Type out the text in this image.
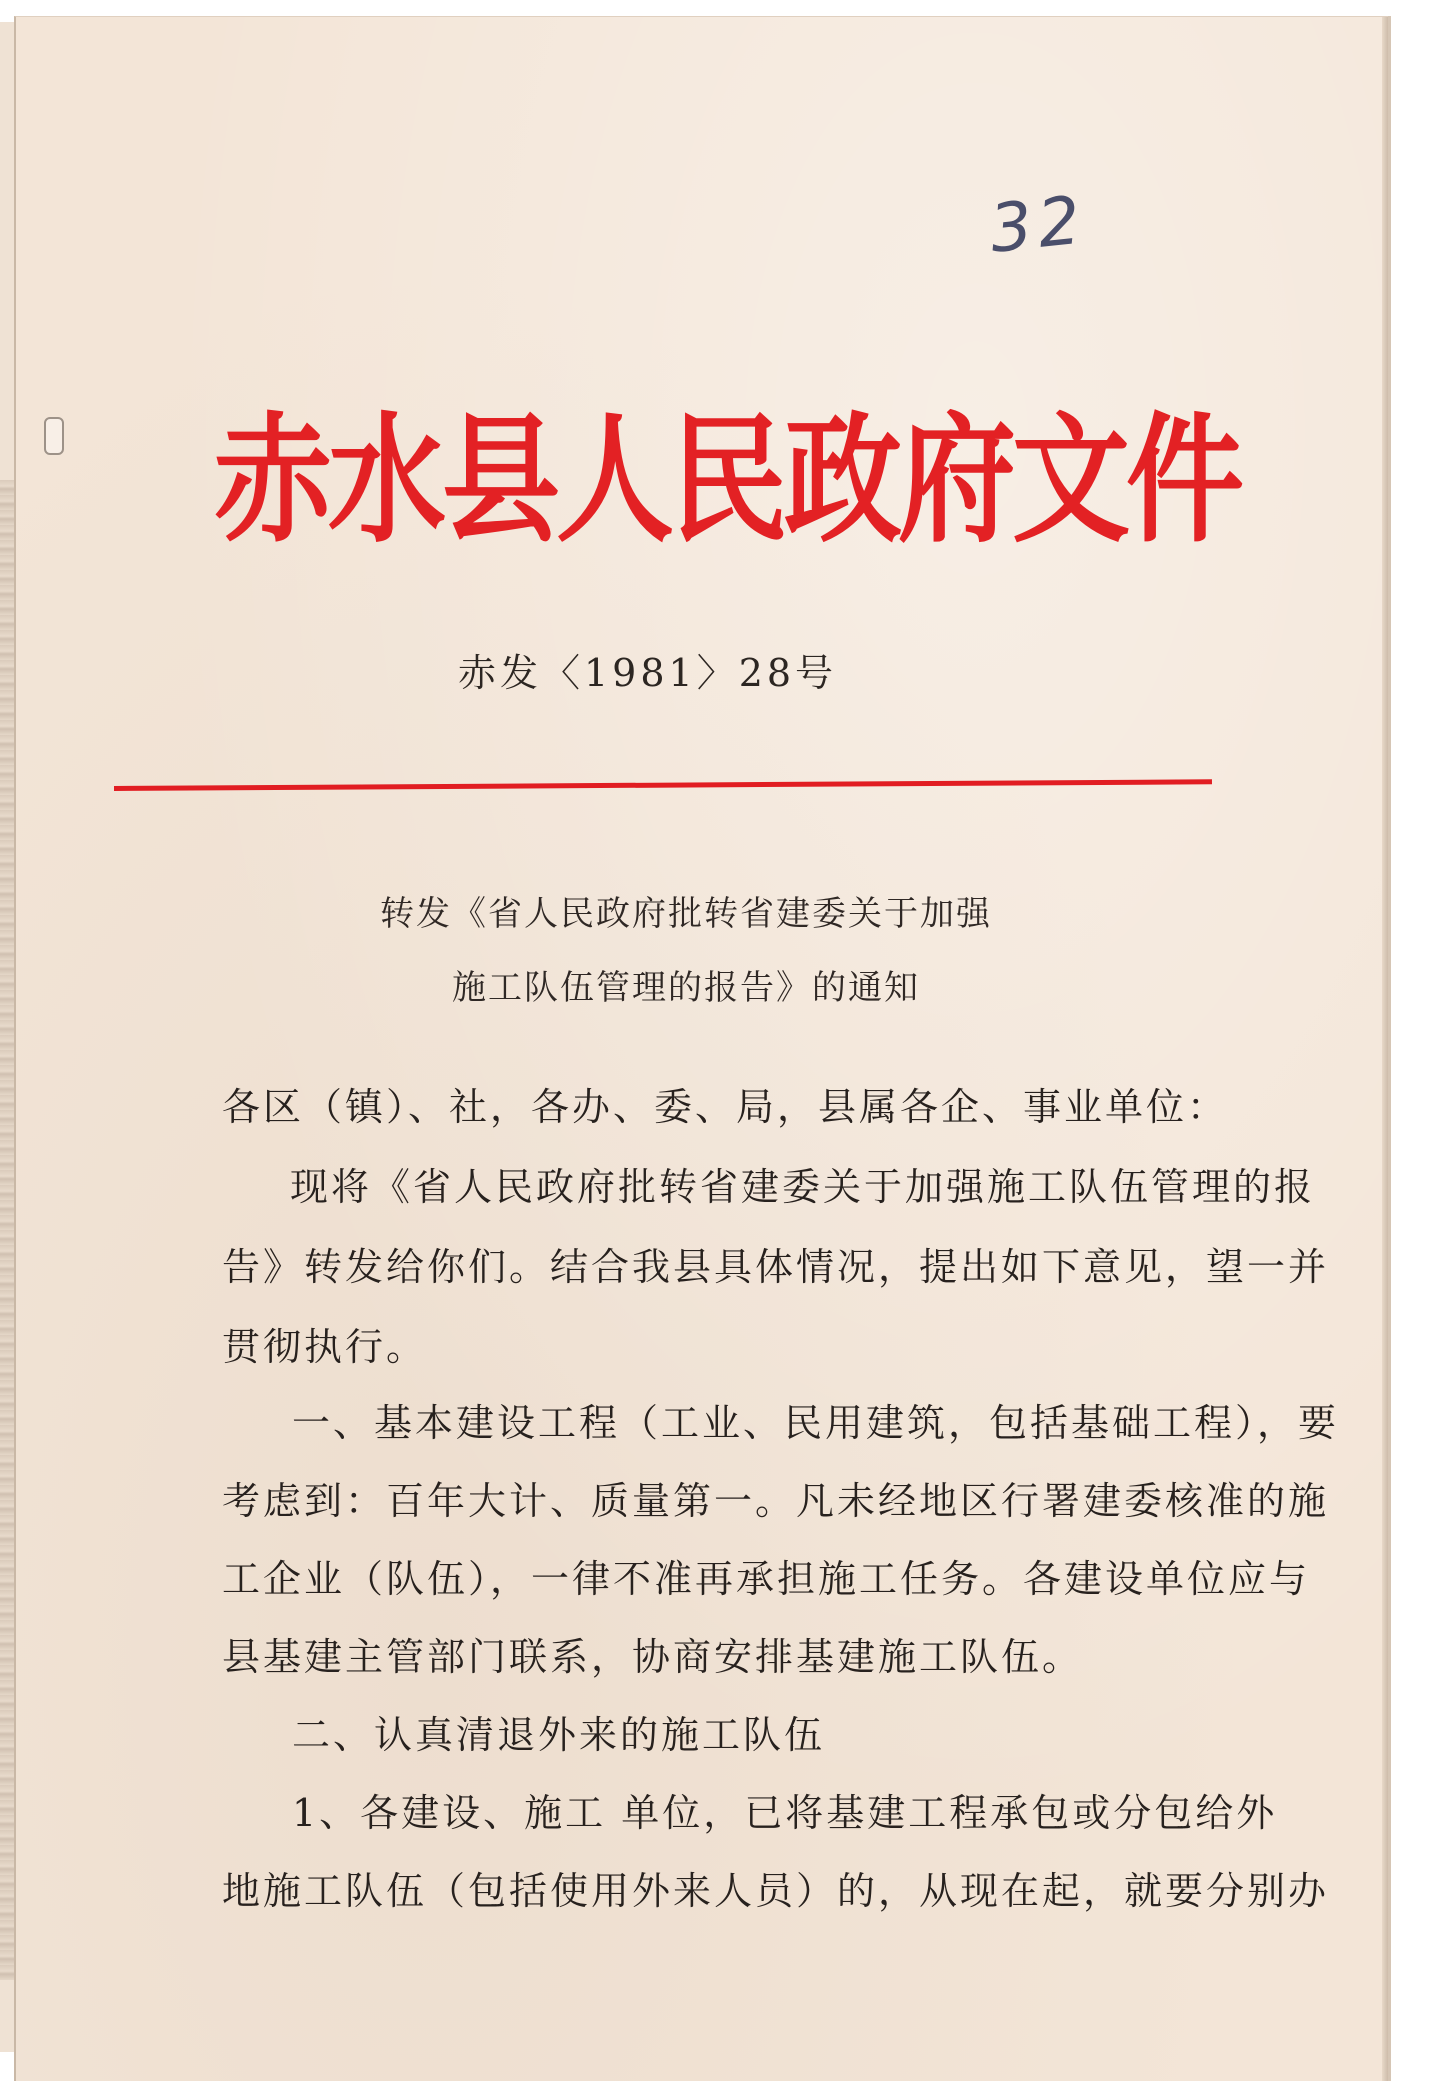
32
赤水县人民政府文件
赤发〈1981〉28号
转发《省人民政府批转省建委关于加强
施工队伍管理的报告》的通知
各区（镇）、社，各办、委、局，县属各企、事业单位：
现将《省人民政府批转省建委关于加强施工队伍管理的报
告》转发给你们。结合我县具体情况，提出如下意见，望一并
贯彻执行。
一、基本建设工程（工业、民用建筑，包括基础工程），要
考虑到：百年大计、质量第一。凡未经地区行署建委核准的施
工企业（队伍），一律不准再承担施工任务。各建设单位应与
县基建主管部门联系，协商安排基建施工队伍。
二、认真清退外来的施工队伍
1、各建设、施工 单位，已将基建工程承包或分包给外
地施工队伍（包括使用外来人员）的，从现在起，就要分别办
